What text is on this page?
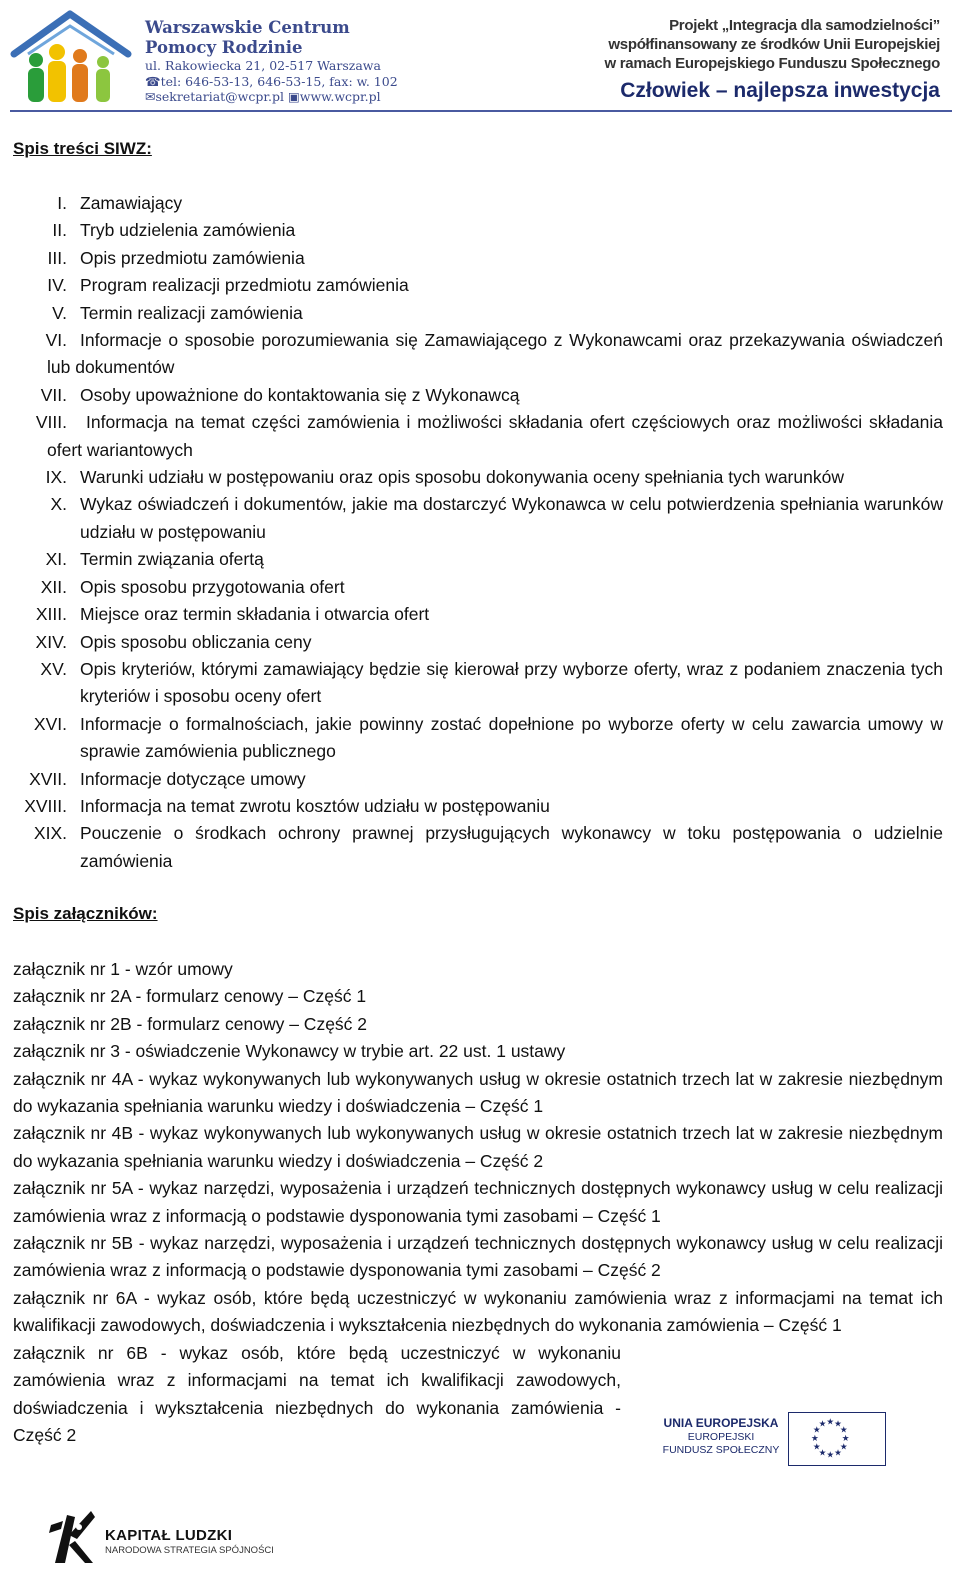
Warszawskie Centrum
Pomocy Rodzinie
ul. Rakowiecka 21, 02-517 Warszawa
☎tel: 646-53-13, 646-53-15, fax: w. 102
✉sekretariat@wcpr.pl ▣www.wcpr.pl
Projekt „Integracja dla samodzielności”
współfinansowany ze środków Unii Europejskiej
w ramach Europejskiego Funduszu Społecznego
Człowiek – najlepsza inwestycja
Spis treści SIWZ:
I. Zamawiający
II. Tryb udzielenia zamówienia
III. Opis przedmiotu zamówienia
IV. Program realizacji przedmiotu zamówienia
V. Termin realizacji zamówienia
VI. Informacje o sposobie porozumiewania się Zamawiającego z Wykonawcami oraz przekazywania oświadczeń lub dokumentów
VII. Osoby upoważnione do kontaktowania się z Wykonawcą
VIII.	Informacja na temat części zamówienia i możliwości składania ofert częściowych oraz możliwości składania ofert wariantowych
IX. Warunki udziału w postępowaniu oraz opis sposobu dokonywania oceny spełniania tych warunków
X. Wykaz oświadczeń i dokumentów, jakie ma dostarczyć Wykonawca w celu potwierdzenia spełniania warunków udziału w postępowaniu
XI. Termin związania ofertą
XII. Opis sposobu przygotowania ofert
XIII. Miejsce oraz termin składania i otwarcia ofert
XIV. Opis sposobu obliczania ceny
XV. Opis kryteriów, którymi zamawiający będzie się kierował przy wyborze oferty, wraz z podaniem znaczenia tych kryteriów i sposobu oceny ofert
XVI. Informacje o formalnościach, jakie powinny zostać dopełnione po wyborze oferty w celu zawarcia umowy w sprawie zamówienia publicznego
XVII. Informacje dotyczące umowy
XVIII. Informacja na temat zwrotu kosztów udziału w postępowaniu
XIX. Pouczenie o środkach ochrony prawnej przysługujących wykonawcy w toku postępowania o udzielnie zamówienia
Spis załączników:
załącznik nr 1 - wzór umowy
załącznik nr 2A - formularz cenowy – Część 1
załącznik nr 2B - formularz cenowy – Część 2
załącznik nr 3 - oświadczenie Wykonawcy w trybie art. 22 ust. 1 ustawy
załącznik nr 4A - wykaz wykonywanych lub wykonywanych usług w okresie ostatnich trzech lat w zakresie niezbędnym do wykazania spełniania warunku wiedzy i doświadczenia – Część 1
załącznik nr 4B - wykaz wykonywanych lub wykonywanych usług w okresie ostatnich trzech lat w zakresie niezbędnym do wykazania spełniania warunku wiedzy i doświadczenia – Część 2
załącznik nr 5A - wykaz narzędzi, wyposażenia i urządzeń technicznych dostępnych wykonawcy usług w celu realizacji zamówienia wraz z informacją o podstawie dysponowania tymi zasobami – Część 1
załącznik nr 5B - wykaz narzędzi, wyposażenia i urządzeń technicznych dostępnych wykonawcy usług w celu realizacji zamówienia wraz z informacją o podstawie dysponowania tymi zasobami – Część 2
załącznik nr 6A - wykaz osób, które będą uczestniczyć w wykonaniu zamówienia wraz z informacjami na temat ich kwalifikacji zawodowych, doświadczenia i wykształcenia niezbędnych do wykonania zamówienia – Część 1
załącznik nr 6B - wykaz osób, które będą uczestniczyć w wykonaniu zamówienia wraz z informacjami na temat ich kwalifikacji zawodowych, doświadczenia i wykształcenia niezbędnych do wykonania zamówienia - Część 2
UNIA EUROPEJSKA
EUROPEJSKI
FUNDUSZ SPOŁECZNY
★ ★ ★
★
★
★
★
★
★
★
★
★
KAPITAŁ LUDZKI
NARODOWA STRATEGIA SPÓJNOŚCI
